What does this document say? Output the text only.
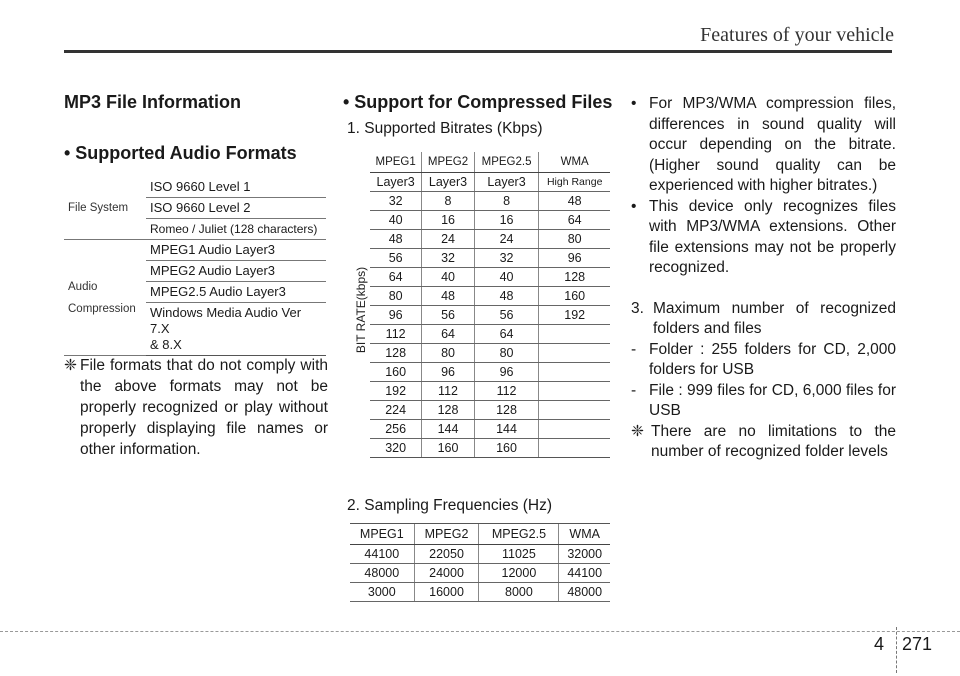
Features of your vehicle
MP3 File Information
• Supported Audio Formats
File System	ISO 9660 Level 1
	ISO 9660 Level 2
	Romeo / Juliet (128 characters)

Audio
Compression	MPEG1 Audio Layer3
	MPEG2 Audio Layer3
	MPEG2.5 Audio Layer3

	Windows Media Audio Ver 7.X
& 8.X
❈ File formats that do not comply with the above formats may not be properly recognized or play without properly displaying file names or other information.
• Support for Compressed Files
1. Supported Bitrates (Kbps)
BIT RATE(kbps)
MPEG1	MPEG2	MPEG2.5	WMA
Layer3	Layer3	Layer3	High Range
32	8	8	48
40	16	16	64
48	24	24	80
56	32	32	96
64	40	40	128
80	48	48	160
96	56	56	192
112	64	64	
128	80	80	
160	96	96	
192	112	112	
224	128	128	
256	144	144	
320	160	160	
2. Sampling Frequencies (Hz)
MPEG1	MPEG2	MPEG2.5	WMA
44100	22050	11025	32000
48000	24000	12000	44100
3000	16000	8000	48000
• For MP3/WMA compression files, differences in sound quality will occur depending on the bitrate. (Higher sound quality can be experienced with higher bitrates.)
• This device only recognizes files with MP3/WMA extensions. Other file extensions may not be properly recognized.
3. Maximum number of recognized folders and files
- Folder : 255 folders for CD, 2,000 folders for USB
- File : 999 files for CD, 6,000 files for USB
❈ There are no limitations to the number of recognized folder levels
4 271
